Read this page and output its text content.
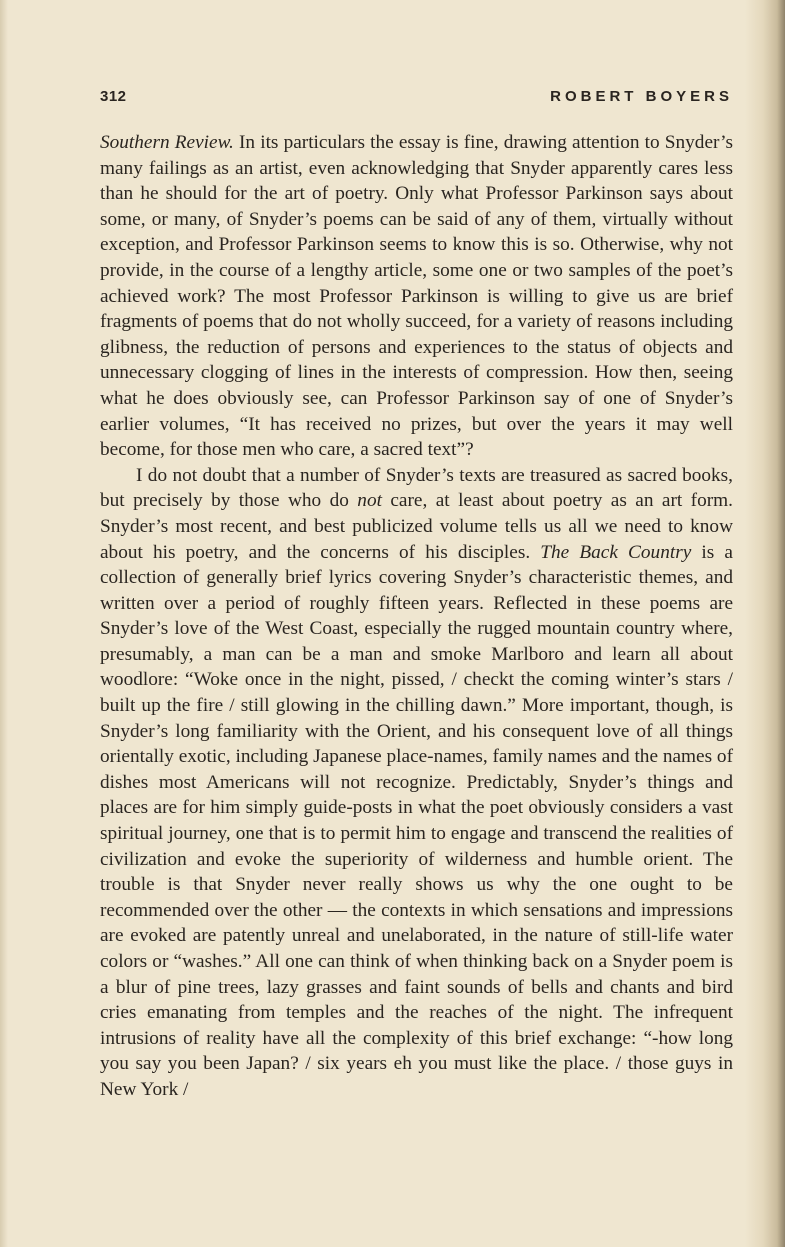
312	ROBERT BOYERS

Southern Review. In its particulars the essay is fine, drawing attention to Snyder’s many failings as an artist, even acknowledging that Snyder apparently cares less than he should for the art of poetry. Only what Professor Parkinson says about some, or many, of Snyder’s poems can be said of any of them, virtually without exception, and Professor Parkinson seems to know this is so. Otherwise, why not provide, in the course of a lengthy article, some one or two samples of the poet’s achieved work? The most Professor Parkinson is willing to give us are brief fragments of poems that do not wholly succeed, for a variety of reasons including glibness, the reduction of persons and experiences to the status of objects and unnecessary clogging of lines in the interests of compression. How then, seeing what he does obviously see, can Professor Parkinson say of one of Snyder’s earlier volumes, “It has received no prizes, but over the years it may well become, for those men who care, a sacred text”?

I do not doubt that a number of Snyder’s texts are treasured as sacred books, but precisely by those who do not care, at least about poetry as an art form. Snyder’s most recent, and best publicized volume tells us all we need to know about his poetry, and the concerns of his disciples. The Back Country is a collection of generally brief lyrics covering Snyder’s characteristic themes, and written over a period of roughly fifteen years. Reflected in these poems are Snyder’s love of the West Coast, especially the rugged mountain country where, presumably, a man can be a man and smoke Marlboro and learn all about woodlore: “Woke once in the night, pissed, / checkt the coming winter’s stars / built up the fire / still glowing in the chilling dawn.” More important, though, is Snyder’s long familiarity with the Orient, and his consequent love of all things orientally exotic, including Japanese place-names, family names and the names of dishes most Americans will not recognize. Predictably, Snyder’s things and places are for him simply guide-posts in what the poet obviously considers a vast spiritual journey, one that is to permit him to engage and transcend the realities of civilization and evoke the superiority of wilderness and humble orient. The trouble is that Snyder never really shows us why the one ought to be recommended over the other — the contexts in which sensations and impressions are evoked are patently unreal and unelaborated, in the nature of still-life water colors or “washes.” All one can think of when thinking back on a Snyder poem is a blur of pine trees, lazy grasses and faint sounds of bells and chants and bird cries emanating from temples and the reaches of the night. The infrequent intrusions of reality have all the complexity of this brief exchange: “-how long you say you been Japan? / six years eh you must like the place. / those guys in New York /
